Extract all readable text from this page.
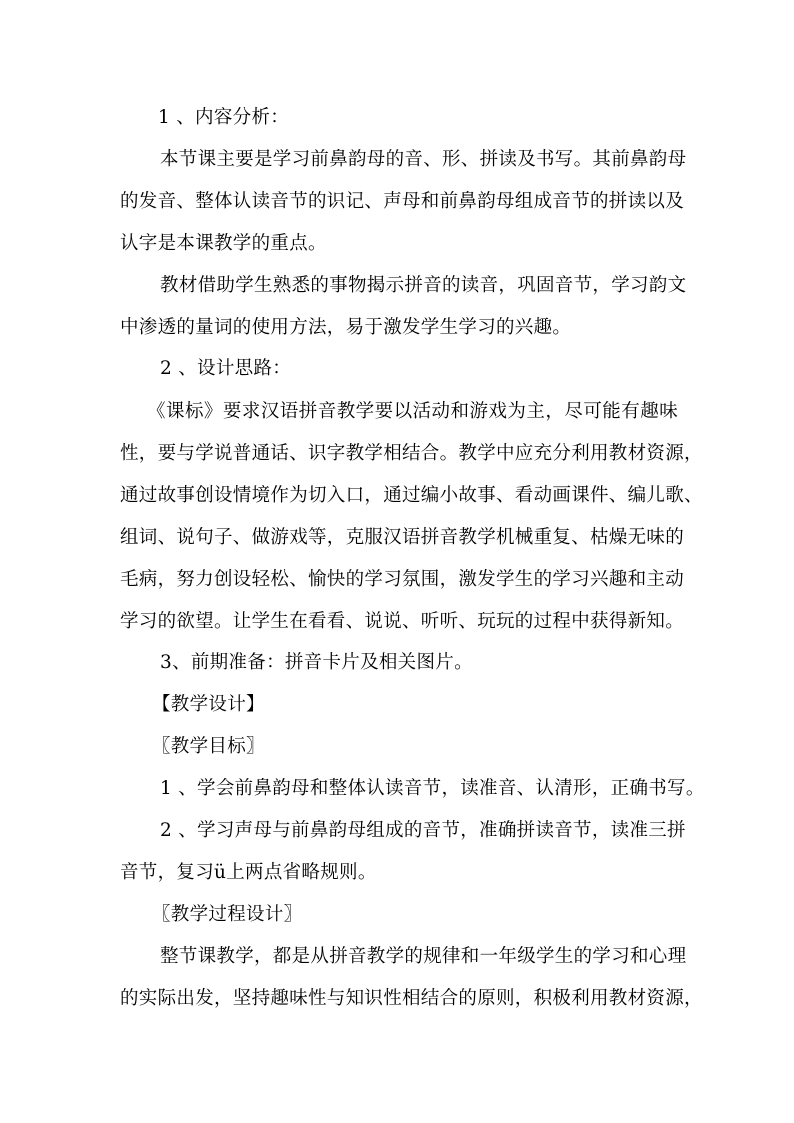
1 、内容分析：
本节课主要是学习前鼻韵母的音、形、拼读及书写。其前鼻韵母
的发音、整体认读音节的识记、声母和前鼻韵母组成音节的拼读以及
认字是本课教学的重点。
教材借助学生熟悉的事物揭示拼音的读音，巩固音节，学习韵文
中渗透的量词的使用方法，易于激发学生学习的兴趣。
2 、设计思路：
《课标》要求汉语拼音教学要以活动和游戏为主，尽可能有趣味
性，要与学说普通话、识字教学相结合。教学中应充分利用教材资源，
通过故事创设情境作为切入口，通过编小故事、看动画课件、编儿歌、
组词、说句子、做游戏等，克服汉语拼音教学机械重复、枯燥无味的
毛病，努力创设轻松、愉快的学习氛围，激发学生的学习兴趣和主动
学习的欲望。让学生在看看、说说、听听、玩玩的过程中获得新知。
3、前期准备：拼音卡片及相关图片。
【教学设计】
〖教学目标〗
1 、学会前鼻韵母和整体认读音节，读准音、认清形，正确书写。
2 、学习声母与前鼻韵母组成的音节，准确拼读音节，读准三拼
音节，复习ü上两点省略规则。
〖教学过程设计〗
整节课教学，都是从拼音教学的规律和一年级学生的学习和心理
的实际出发，坚持趣味性与知识性相结合的原则，积极利用教材资源，
